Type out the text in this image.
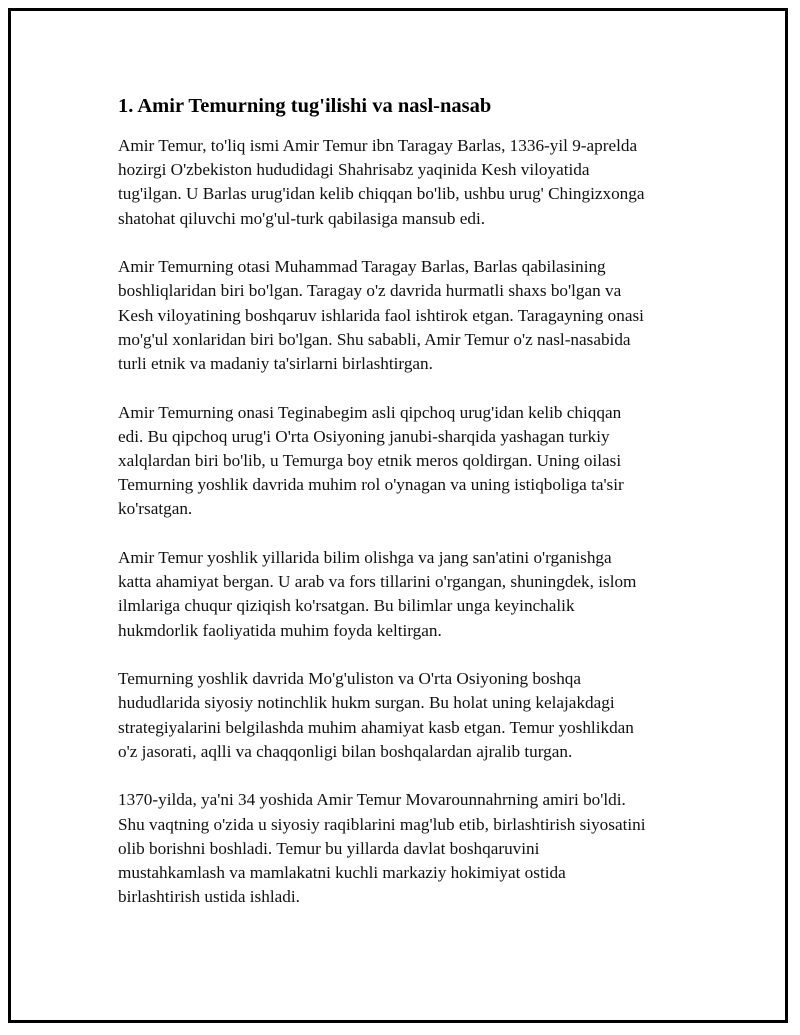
1. Amir Temurning tug'ilishi va nasl-nasab

Amir Temur, to'liq ismi Amir Temur ibn Taragay Barlas, 1336-yil 9-aprelda
hozirgi O'zbekiston hududidagi Shahrisabz yaqinida Kesh viloyatida
tug'ilgan. U Barlas urug'idan kelib chiqqan bo'lib, ushbu urug' Chingizxonga
shatohat qiluvchi mo'g'ul-turk qabilasiga mansub edi.

Amir Temurning otasi Muhammad Taragay Barlas, Barlas qabilasining
boshliqlaridan biri bo'lgan. Taragay o'z davrida hurmatli shaxs bo'lgan va
Kesh viloyatining boshqaruv ishlarida faol ishtirok etgan. Taragayning onasi
mo'g'ul xonlaridan biri bo'lgan. Shu sababli, Amir Temur o'z nasl-nasabida
turli etnik va madaniy ta'sirlarni birlashtirgan.

Amir Temurning onasi Teginabegim asli qipchoq urug'idan kelib chiqqan
edi. Bu qipchoq urug'i O'rta Osiyoning janubi-sharqida yashagan turkiy
xalqlardan biri bo'lib, u Temurga boy etnik meros qoldirgan. Uning oilasi
Temurning yoshlik davrida muhim rol o'ynagan va uning istiqboliga ta'sir
ko'rsatgan.

Amir Temur yoshlik yillarida bilim olishga va jang san'atini o'rganishga
katta ahamiyat bergan. U arab va fors tillarini o'rgangan, shuningdek, islom
ilmlariga chuqur qiziqish ko'rsatgan. Bu bilimlar unga keyinchalik
hukmdorlik faoliyatida muhim foyda keltirgan.

Temurning yoshlik davrida Mo'g'uliston va O'rta Osiyoning boshqa
hududlarida siyosiy notinchlik hukm surgan. Bu holat uning kelajakdagi
strategiyalarini belgilashda muhim ahamiyat kasb etgan. Temur yoshlikdan
o'z jasorati, aqlli va chaqqonligi bilan boshqalardan ajralib turgan.

1370-yilda, ya'ni 34 yoshida Amir Temur Movarounnahrning amiri bo'ldi.
Shu vaqtning o'zida u siyosiy raqiblarini mag'lub etib, birlashtirish siyosatini
olib borishni boshladi. Temur bu yillarda davlat boshqaruvini
mustahkamlash va mamlakatni kuchli markaziy hokimiyat ostida
birlashtirish ustida ishladi.
